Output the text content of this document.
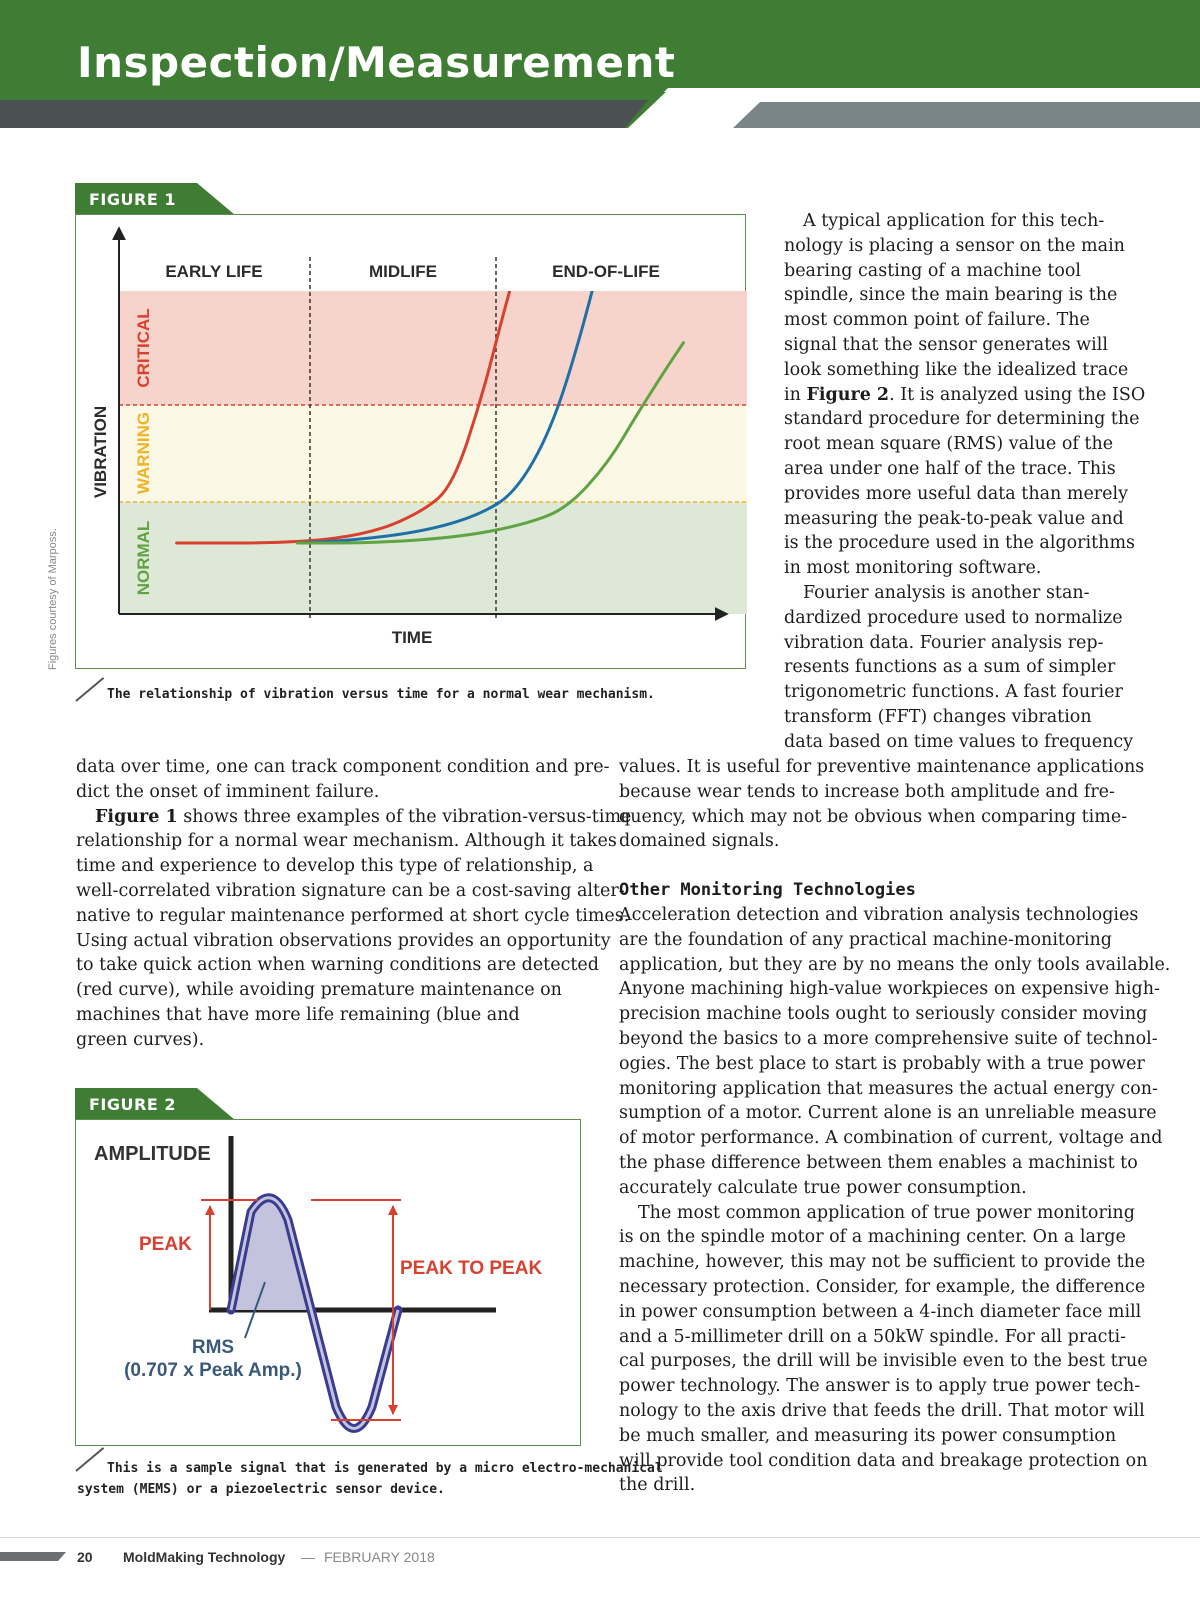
Inspection/Measurement
Figures courtesy of Marposs.
FIGURE 1
EARLY LIFE	MIDLIFE	END-OF-LIFE
TIME
VIBRATION
CRITICAL
WARNING
NORMAL
The relationship of vibration versus time for a normal wear mechanism.
FIGURE 2
AMPLITUDE
PEAK
PEAK TO PEAK
RMS
(0.707 x Peak Amp.)
This is a sample signal that is generated by a micro electro-mechanical
system (MEMS) or a piezoelectric sensor device.
data over time, one can track component condition and pre-
dict the onset of imminent failure.
Figure 1 shows three examples of the vibration-versus-time
relationship for a normal wear mechanism. Although it takes
time and experience to develop this type of relationship, a
well-correlated vibration signature can be a cost-saving alter-
native to regular maintenance performed at short cycle times.
Using actual vibration observations provides an opportunity
to take quick action when warning conditions are detected
(red curve), while avoiding premature maintenance on
machines that have more life remaining (blue and
green curves).
A typical application for this tech-
nology is placing a sensor on the main
bearing casting of a machine tool
spindle, since the main bearing is the
most common point of failure. The
signal that the sensor generates will
look something like the idealized trace
in Figure 2. It is analyzed using the ISO
standard procedure for determining the
root mean square (RMS) value of the
area under one half of the trace. This
provides more useful data than merely
measuring the peak-to-peak value and
is the procedure used in the algorithms
in most monitoring software.
Fourier analysis is another stan-
dardized procedure used to normalize
vibration data. Fourier analysis rep-
resents functions as a sum of simpler
trigonometric functions. A fast fourier
transform (FFT) changes vibration
data based on time values to frequency
values. It is useful for preventive maintenance applications
because wear tends to increase both amplitude and fre-
quency, which may not be obvious when comparing time-
domained signals.
Other Monitoring Technologies
Acceleration detection and vibration analysis technologies
are the foundation of any practical machine-monitoring
application, but they are by no means the only tools available.
Anyone machining high-value workpieces on expensive high-
precision machine tools ought to seriously consider moving
beyond the basics to a more comprehensive suite of technol-
ogies. The best place to start is probably with a true power
monitoring application that measures the actual energy con-
sumption of a motor. Current alone is an unreliable measure
of motor performance. A combination of current, voltage and
the phase difference between them enables a machinist to
accurately calculate true power consumption.
The most common application of true power monitoring
is on the spindle motor of a machining center. On a large
machine, however, this may not be sufficient to provide the
necessary protection. Consider, for example, the difference
in power consumption between a 4-inch diameter face mill
and a 5-millimeter drill on a 50kW spindle. For all practi-
cal purposes, the drill will be invisible even to the best true
power technology. The answer is to apply true power tech-
nology to the axis drive that feeds the drill. That motor will
be much smaller, and measuring its power consumption
will provide tool condition data and breakage protection on
the drill.
20 MoldMaking Technology — FEBRUARY 2018
